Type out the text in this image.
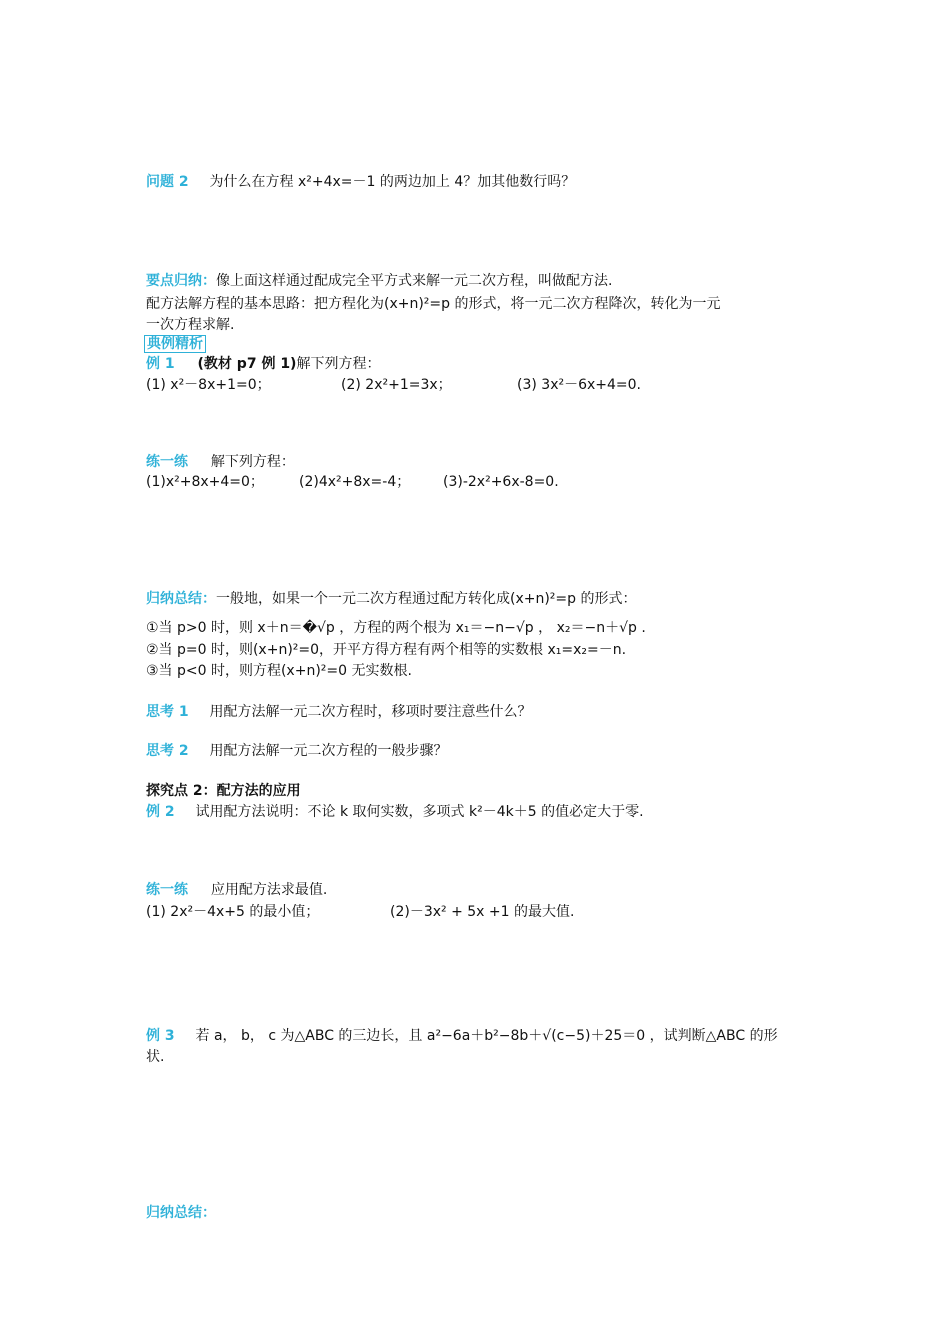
问题 2 为什么在方程 x²+4x=－1 的两边加上 4？加其他数行吗？
要点归纳：像上面这样通过配成完全平方式来解一元二次方程，叫做配方法.
配方法解方程的基本思路：把方程化为(x+n)²=p 的形式，将一元二次方程降次，转化为一元
一次方程求解.
典例精析
例 1 (教材 p7 例 1)解下列方程：
(1) x²－8x+1=0；	(2) 2x²+1=3x；	(3) 3x²－6x+4=0.
练一练 解下列方程：
(1)x²+8x+4=0；	(2)4x²+8x=-4； (3)-2x²+6x-8=0.
归纳总结：一般地，如果一个一元二次方程通过配方转化成(x+n)²=p 的形式：
①当 p>0 时，则 x＋n＝�√p ，方程的两个根为 x₁＝−n−√p ， x₂＝−n＋√p .
②当 p=0 时，则(x+n)²=0，开平方得方程有两个相等的实数根 x₁=x₂=－n.
③当 p<0 时，则方程(x+n)²=0 无实数根.
思考 1 用配方法解一元二次方程时，移项时要注意些什么？
思考 2 用配方法解一元二次方程的一般步骤？
探究点 2：配方法的应用
例 2 试用配方法说明：不论 k 取何实数，多项式 k²－4k＋5 的值必定大于零.
练一练 应用配方法求最值.
(1) 2x²－4x+5 的最小值；	(2)－3x² + 5x +1 的最大值.
例 3 若 a， b， c 为△ABC 的三边长，且 a²−6a＋b²−8b＋√(c−5)＋25＝0 ，试判断△ABC 的形
状.
归纳总结：
